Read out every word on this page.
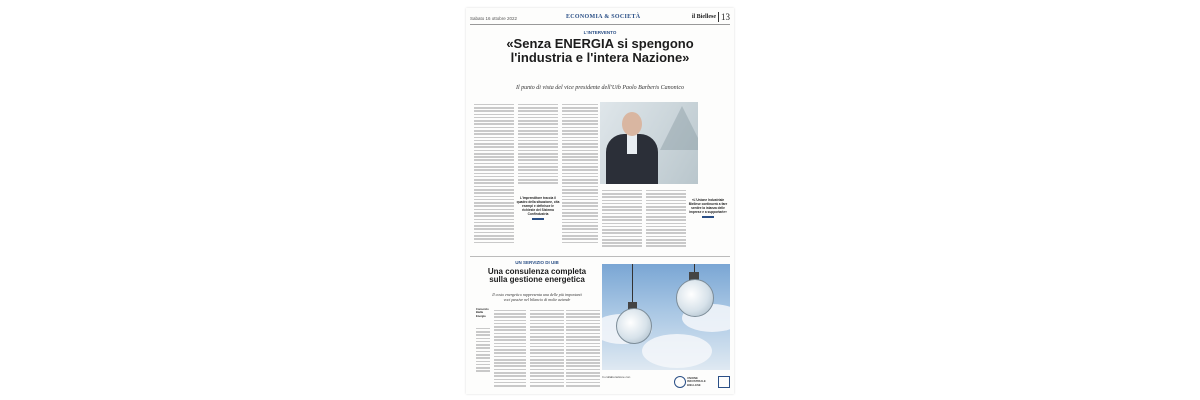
Sabato 16 ottobre 2022	ECONOMIA & SOCIETÀ	il Biellese 13
L'INTERVENTO
«Senza ENERGIA si spengono
l'industria e l'intera Nazione»
Il punto di vista del vice presidente dell'Uib Paolo Barberis Canonico
L'imprenditore traccia il quadro della situazione, cita esempi e definisce le richieste del Sistema Confindustria
«L'Unione Industriale Biellese continuerà a fare sentire la istanza delle imprese e a supportarle»
UN SERVIZIO DI UIB
Una consulenza completa
sulla gestione energetica
Il costo energetico rappresenta una delle più importanti
voci passive nel bilancio di molte aziende
Consorzio Biella Energia
In collaborazione con	UNIONE INDUSTRIALE BIELLESE
